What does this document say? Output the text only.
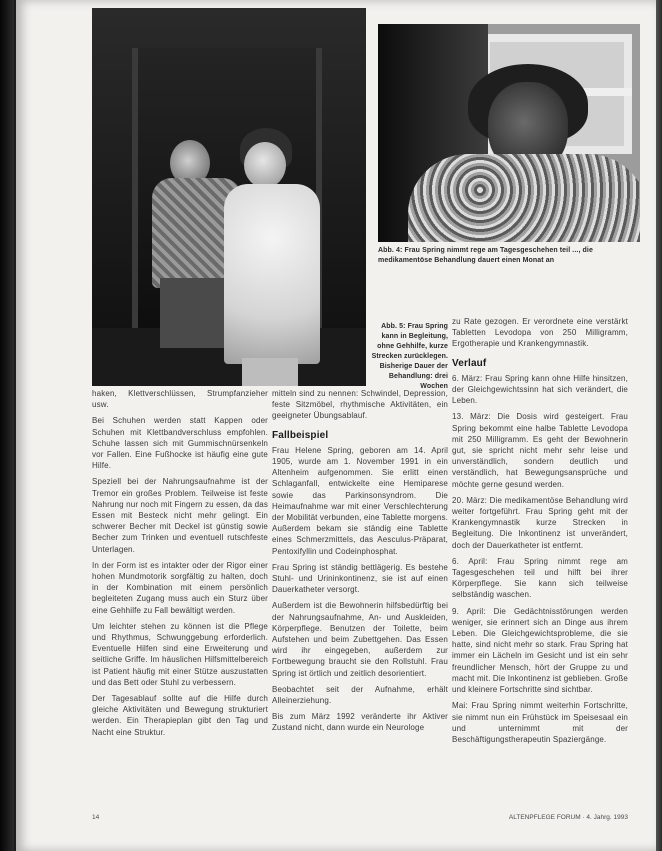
Abb. 4: Frau Spring nimmt rege am Tagesgeschehen teil ..., die medikamentöse Behandlung dauert einen Monat an
Abb. 5: Frau Spring kann in Begleitung, ohne Gehhilfe, kurze Strecken zurücklegen. Bisherige Dauer der Behandlung: drei Wochen
haken, Klettverschlüssen, Strumpfanzieher usw.
Bei Schuhen werden statt Kappen oder Schuhen mit Klettbandverschluss empfohlen. Schuhe lassen sich mit Gummischnürsenkeln vor Fallen. Eine Fußhocke ist häufig eine gute Hilfe.
Speziell bei der Nahrungsaufnahme ist der Tremor ein großes Problem. Teilweise ist feste Nahrung nur noch mit Fingern zu essen, da das Essen mit Besteck nicht mehr gelingt. Ein schwerer Becher mit Deckel ist günstig sowie Becher zum Trinken und eventuell rutschfeste Unterlagen.
In der Form ist es intakter oder der Rigor einer hohen Mundmotorik sorgfältig zu halten, doch in der Kombination mit einem persönlich begleiteten Zugang muss auch ein Sturz über eine Gehhilfe zu Fall bewältigt werden.
Um leichter stehen zu können ist die Pflege und Rhythmus, Schwunggebung erforderlich. Eventuelle Hilfen sind eine Erweiterung und seitliche Griffe. Im häuslichen Hilfsmittelbereich ist Patient häufig mit einer Stütze auszustatten und das Bett oder Stuhl zu verbessern.
Der Tagesablauf sollte auf die Hilfe durch gleiche Aktivitäten und Bewegung strukturiert werden. Ein Therapieplan gibt den Tag und Nacht eine Struktur.
mitteln sind zu nennen: Schwindel, Depression, feste Sitzmöbel, rhythmische Aktivitäten, ein geeigneter Übungsablauf.
Fallbeispiel
Frau Helene Spring, geboren am 14. April 1905, wurde am 1. November 1991 in ein Altenheim aufgenommen. Sie erlitt einen Schlaganfall, entwickelte eine Hemiparese sowie das Parkinsonsyndrom. Die Heimaufnahme war mit einer Verschlechterung der Mobilität verbunden, eine Tablette morgens. Außerdem bekam sie ständig eine Tablette eines Schmerzmittels, das Aesculus-Präparat, Pentoxifyllin und Codeinphosphat.
Frau Spring ist ständig bettlägerig. Es bestehe Stuhl- und Urininkontinenz, sie ist auf einen Dauerkatheter versorgt.
Außerdem ist die Bewohnerin hilfsbedürftig bei der Nahrungsaufnahme, An- und Auskleiden, Körperpflege. Benutzen der Toilette, beim Aufstehen und beim Zubettgehen. Das Essen wird ihr eingegeben, außerdem zur Fortbewegung braucht sie den Rollstuhl. Frau Spring ist örtlich und zeitlich desorientiert.
Beobachtet seit der Aufnahme, erhält Alleinerziehung.
Bis zum März 1992 veränderte ihr Aktiver Zustand nicht, dann wurde ein Neurologe
zu Rate gezogen. Er verordnete eine verstärkt Tabletten Levodopa von 250 Milligramm, Ergotherapie und Krankengymnastik.
Verlauf
6. März: Frau Spring kann ohne Hilfe hinsitzen, der Gleichgewichtssinn hat sich verändert, die Leben.
13. März: Die Dosis wird gesteigert. Frau Spring bekommt eine halbe Tablette Levodopa mit 250 Milligramm. Es geht der Bewohnerin gut, sie spricht nicht mehr sehr leise und unverständlich, sondern deutlich und verständlich, hat Bewegungsansprüche und möchte gerne gesund werden.
20. März: Die medikamentöse Behandlung wird weiter fortgeführt. Frau Spring geht mit der Krankengymnastik kurze Strecken in Begleitung. Die Inkontinenz ist unverändert, doch der Dauerkatheter ist entfernt.
6. April: Frau Spring nimmt rege am Tagesgeschehen teil und hilft bei ihrer Körperpflege. Sie kann sich teilweise selbständig waschen.
9. April: Die Gedächtnisstörungen werden weniger, sie erinnert sich an Dinge aus ihrem Leben. Die Gleichgewichtsprobleme, die sie hatte, sind nicht mehr so stark. Frau Spring hat immer ein Lächeln im Gesicht und ist ein sehr freundlicher Mensch, hört der Gruppe zu und macht mit. Die Inkontinenz ist geblieben. Große und kleinere Fortschritte sind sichtbar.
Mai: Frau Spring nimmt weiterhin Fortschritte, sie nimmt nun ein Frühstück im Speisesaal ein und unternimmt mit der Beschäftigungstherapeutin Spaziergänge.
14	ALTENPFLEGE FORUM · 4. Jahrg. 1993
